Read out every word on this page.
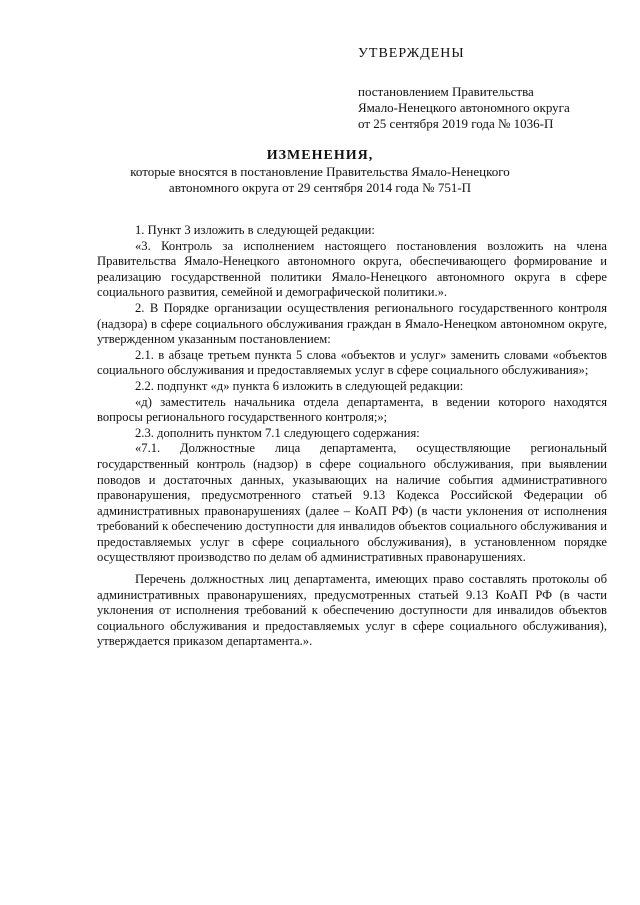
УТВЕРЖДЕНЫ
постановлением Правительства
Ямало-Ненецкого автономного округа
от 25 сентября 2019 года № 1036-П
ИЗМЕНЕНИЯ,
которые вносятся в постановление Правительства Ямало-Ненецкого
автономного округа от 29 сентября 2014 года № 751-П

1. Пункт 3 изложить в следующей редакции:

«3. Контроль за исполнением настоящего постановления возложить на члена Правительства Ямало-Ненецкого автономного округа, обеспечивающего формирование и реализацию государственной политики Ямало-Ненецкого автономного округа в сфере социального развития, семейной и демографической политики.».

2. В Порядке организации осуществления регионального государственного контроля (надзора) в сфере социального обслуживания граждан в Ямало-Ненецком автономном округе, утвержденном указанным постановлением:

2.1. в абзаце третьем пункта 5 слова «объектов и услуг» заменить словами «объектов социального обслуживания и предоставляемых услуг в сфере социального обслуживания»;

2.2. подпункт «д» пункта 6 изложить в следующей редакции:

«д) заместитель начальника отдела департамента, в ведении которого находятся вопросы регионального государственного контроля;»;

2.3. дополнить пунктом 7.1 следующего содержания:

«7.1. Должностные лица департамента, осуществляющие региональный государственный контроль (надзор) в сфере социального обслуживания, при выявлении поводов и достаточных данных, указывающих на наличие события административного правонарушения, предусмотренного статьей 9.13 Кодекса Российской Федерации об административных правонарушениях (далее – КоАП РФ) (в части уклонения от исполнения требований к обеспечению доступности для инвалидов объектов социального обслуживания и предоставляемых услуг в сфере социального обслуживания), в установленном порядке осуществляют производство по делам об административных правонарушениях.

Перечень должностных лиц департамента, имеющих право составлять протоколы об административных правонарушениях, предусмотренных статьей 9.13 КоАП РФ (в части уклонения от исполнения требований к обеспечению доступности для инвалидов объектов социального обслуживания и предоставляемых услуг в сфере социального обслуживания), утверждается приказом департамента.».
